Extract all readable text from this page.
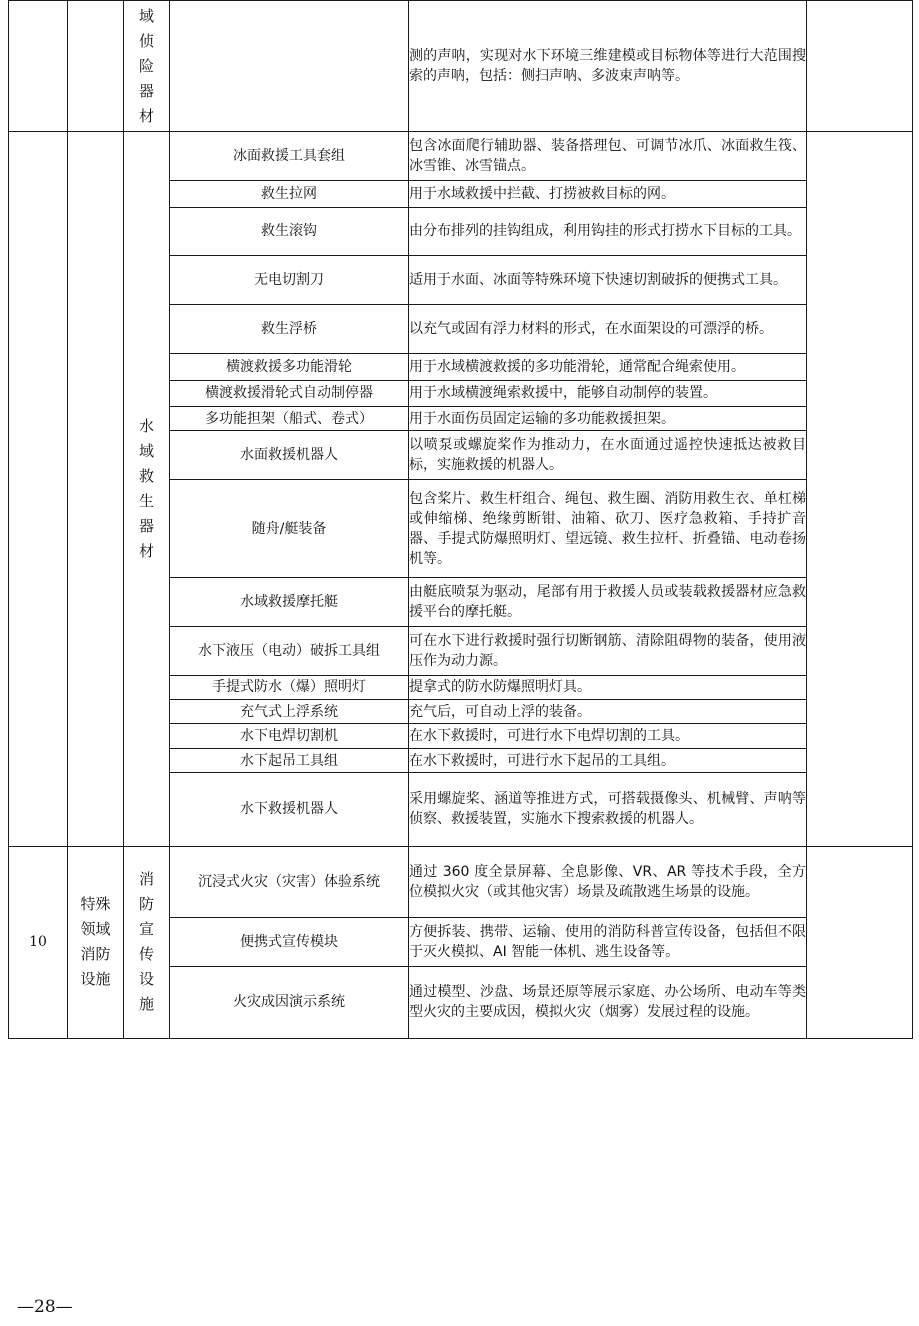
		域侦险器材		测的声呐，实现对水下环境三维建模或目标物体等进行大范围搜索的声呐，包括：侧扫声呐、多波束声呐等。	
		水域救生器材	冰面救援工具套组	包含冰面爬行辅助器、装备搭理包、可调节冰爪、冰面救生筏、冰雪锥、冰雪锚点。	
			救生拉网	用于水域救援中拦截、打捞被救目标的网。	
			救生滚钩	由分布排列的挂钩组成，利用钩挂的形式打捞水下目标的工具。	
			无电切割刀	适用于水面、冰面等特殊环境下快速切割破拆的便携式工具。	
			救生浮桥	以充气或固有浮力材料的形式，在水面架设的可漂浮的桥。	
			横渡救援多功能滑轮	用于水域横渡救援的多功能滑轮，通常配合绳索使用。	
			横渡救援滑轮式自动制停器	用于水域横渡绳索救援中，能够自动制停的装置。	
			多功能担架（船式、卷式）	用于水面伤员固定运输的多功能救援担架。	
			水面救援机器人	以喷泵或螺旋桨作为推动力，在水面通过遥控快速抵达被救目标，实施救援的机器人。	
			随舟/艇装备	包含桨片、救生杆组合、绳包、救生圈、消防用救生衣、单杠梯或伸缩梯、绝缘剪断钳、油箱、砍刀、医疗急救箱、手持扩音器、手提式防爆照明灯、望远镜、救生拉杆、折叠锚、电动卷扬机等。	
			水域救援摩托艇	由艇底喷泵为驱动，尾部有用于救援人员或装载救援器材应急救援平台的摩托艇。	
			水下液压（电动）破拆工具组	可在水下进行救援时强行切断钢筋、清除阻碍物的装备，使用液压作为动力源。	
			手提式防水（爆）照明灯	提拿式的防水防爆照明灯具。	
			充气式上浮系统	充气后，可自动上浮的装备。	
			水下电焊切割机	在水下救援时，可进行水下电焊切割的工具。	
			水下起吊工具组	在水下救援时，可进行水下起吊的工具组。	
			水下救援机器人	采用螺旋桨、涵道等推进方式，可搭载摄像头、机械臂、声呐等侦察、救援装置，实施水下搜索救援的机器人。	
10	特殊领域消防设施	消防宣传设施	沉浸式火灾（灾害）体验系统	通过 360 度全景屏幕、全息影像、VR、AR 等技术手段，全方位模拟火灾（或其他灾害）场景及疏散逃生场景的设施。	
			便携式宣传模块	方便拆装、携带、运输、使用的消防科普宣传设备，包括但不限于灭火模拟、AI 智能一体机、逃生设备等。	
			火灾成因演示系统	通过模型、沙盘、场景还原等展示家庭、办公场所、电动车等类型火灾的主要成因，模拟火灾（烟雾）发展过程的设施。	
—28—
